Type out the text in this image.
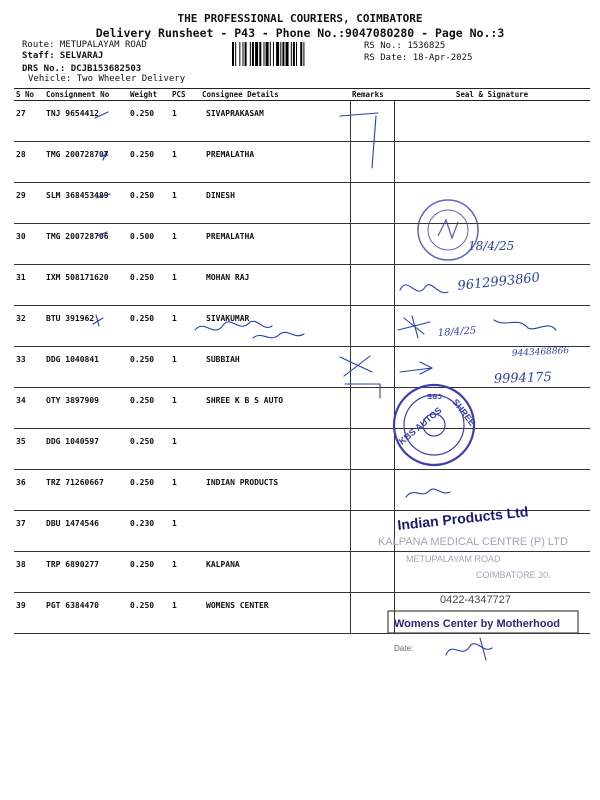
THE PROFESSIONAL COURIERS, COIMBATORE
Delivery Runsheet - P43 - Phone No.:9047080280 - Page No.:3
Route: METUPALAYAM ROAD
Staff: SELVARAJ
DRS No.: DCJB153682503
Vehicle: Two Wheeler Delivery
RS No.: 1536825
RS Date: 18-Apr-2025
S No	Consignment No	Weight	PCS	Consignee Details	Remarks	Seal & Signature
27	TNJ 9654412	0.250	1	SIVAPRAKASAM		
28	TMG 200728707	0.250	1	PREMALATHA		
29	SLM 368453489	0.250	1	DINESH		
30	TMG 200728706	0.500	1	PREMALATHA		
31	IXM 508171620	0.250	1	MOHAN RAJ		
32	BTU 391962	0.250	1	SIVAKUMAR		
33	DDG 1040841	0.250	1	SUBBIAH		
34	OTY 3897909	0.250	1	SHREE K B S AUTO		
35	DDG 1040597	0.250	1			
36	TRZ 71260667	0.250	1	INDIAN PRODUCTS		
37	DBU 1474546	0.230	1			
38	TRP 6890277	0.250	1	KALPANA		
39	PGT 6384470	0.250	1	WOMENS CENTER		
9612993860
18/4/25
18/4/25
9443468866
9994175
SHREE
KBS AUTOS
CBE
Indian Products Ltd
KALPANA MEDICAL CENTRE (P) LTD
METUPALAYAM ROAD
COIMBATORE 30.
0422-4347727
Womens Center by Motherhood
Date:
